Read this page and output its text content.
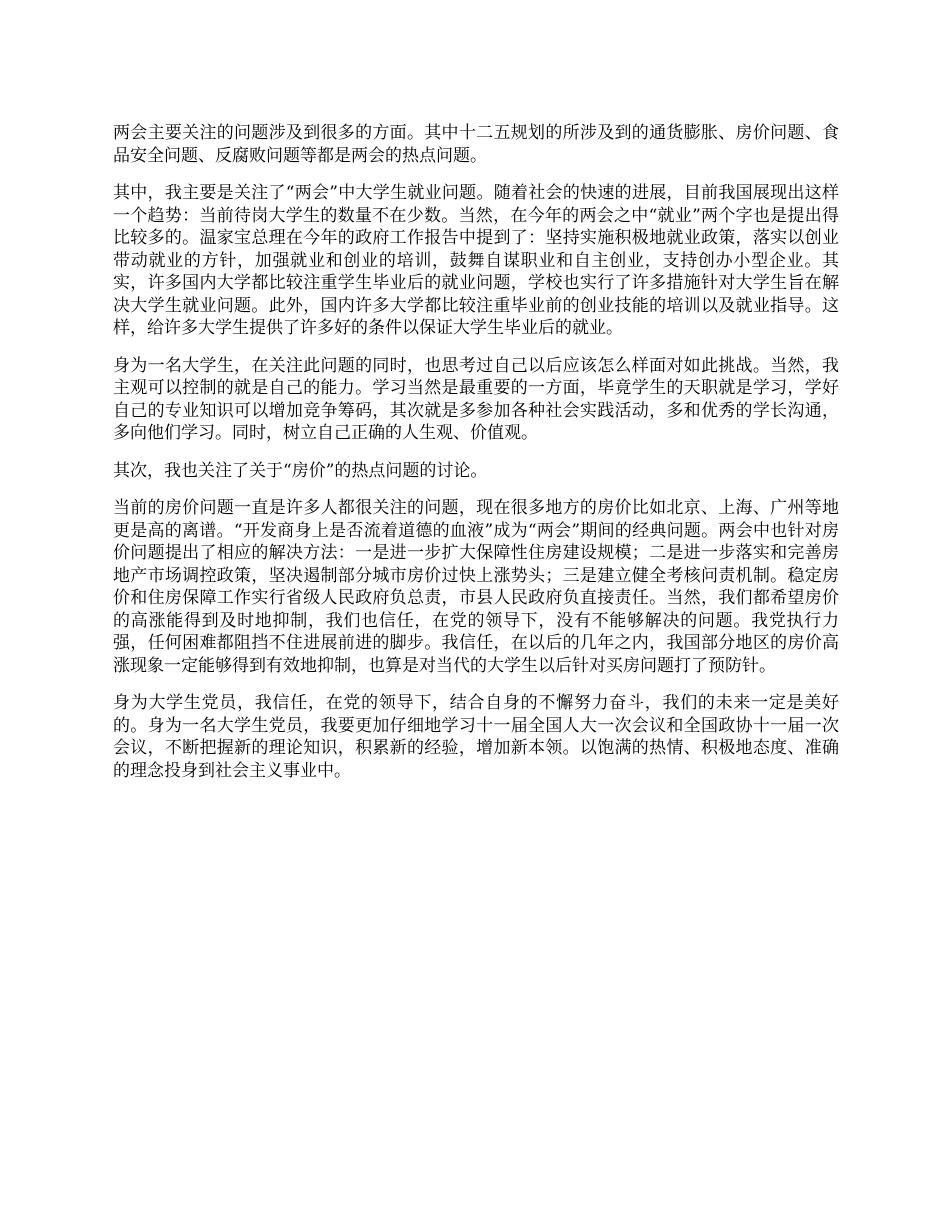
两会主要关注的问题涉及到很多的方面。其中十二五规划的所涉及到的通货膨胀、房价问题、食品安全问题、反腐败问题等都是两会的热点问题。

其中，我主要是关注了“两会”中大学生就业问题。随着社会的快速的进展，目前我国展现出这样一个趋势：当前待岗大学生的数量不在少数。当然，在今年的两会之中“就业”两个字也是提出得比较多的。温家宝总理在今年的政府工作报告中提到了：坚持实施积极地就业政策，落实以创业带动就业的方针，加强就业和创业的培训，鼓舞自谋职业和自主创业，支持创办小型企业。其实，许多国内大学都比较注重学生毕业后的就业问题，学校也实行了许多措施针对大学生旨在解决大学生就业问题。此外，国内许多大学都比较注重毕业前的创业技能的培训以及就业指导。这样，给许多大学生提供了许多好的条件以保证大学生毕业后的就业。

身为一名大学生，在关注此问题的同时，也思考过自己以后应该怎么样面对如此挑战。当然，我主观可以控制的就是自己的能力。学习当然是最重要的一方面，毕竟学生的天职就是学习，学好自己的专业知识可以增加竞争筹码，其次就是多参加各种社会实践活动，多和优秀的学长沟通，多向他们学习。同时，树立自己正确的人生观、价值观。

其次，我也关注了关于“房价”的热点问题的讨论。

当前的房价问题一直是许多人都很关注的问题，现在很多地方的房价比如北京、上海、广州等地更是高的离谱。“开发商身上是否流着道德的血液”成为“两会”期间的经典问题。两会中也针对房价问题提出了相应的解决方法：一是进一步扩大保障性住房建设规模；二是进一步落实和完善房地产市场调控政策，坚决遏制部分城市房价过快上涨势头；三是建立健全考核问责机制。稳定房价和住房保障工作实行省级人民政府负总责，市县人民政府负直接责任。当然，我们都希望房价的高涨能得到及时地抑制，我们也信任，在党的领导下，没有不能够解决的问题。我党执行力强，任何困难都阻挡不住进展前进的脚步。我信任，在以后的几年之内，我国部分地区的房价高涨现象一定能够得到有效地抑制，也算是对当代的大学生以后针对买房问题打了预防针。

身为大学生党员，我信任，在党的领导下，结合自身的不懈努力奋斗，我们的未来一定是美好的。身为一名大学生党员，我要更加仔细地学习十一届全国人大一次会议和全国政协十一届一次会议，不断把握新的理论知识，积累新的经验，增加新本领。以饱满的热情、积极地态度、准确的理念投身到社会主义事业中。
